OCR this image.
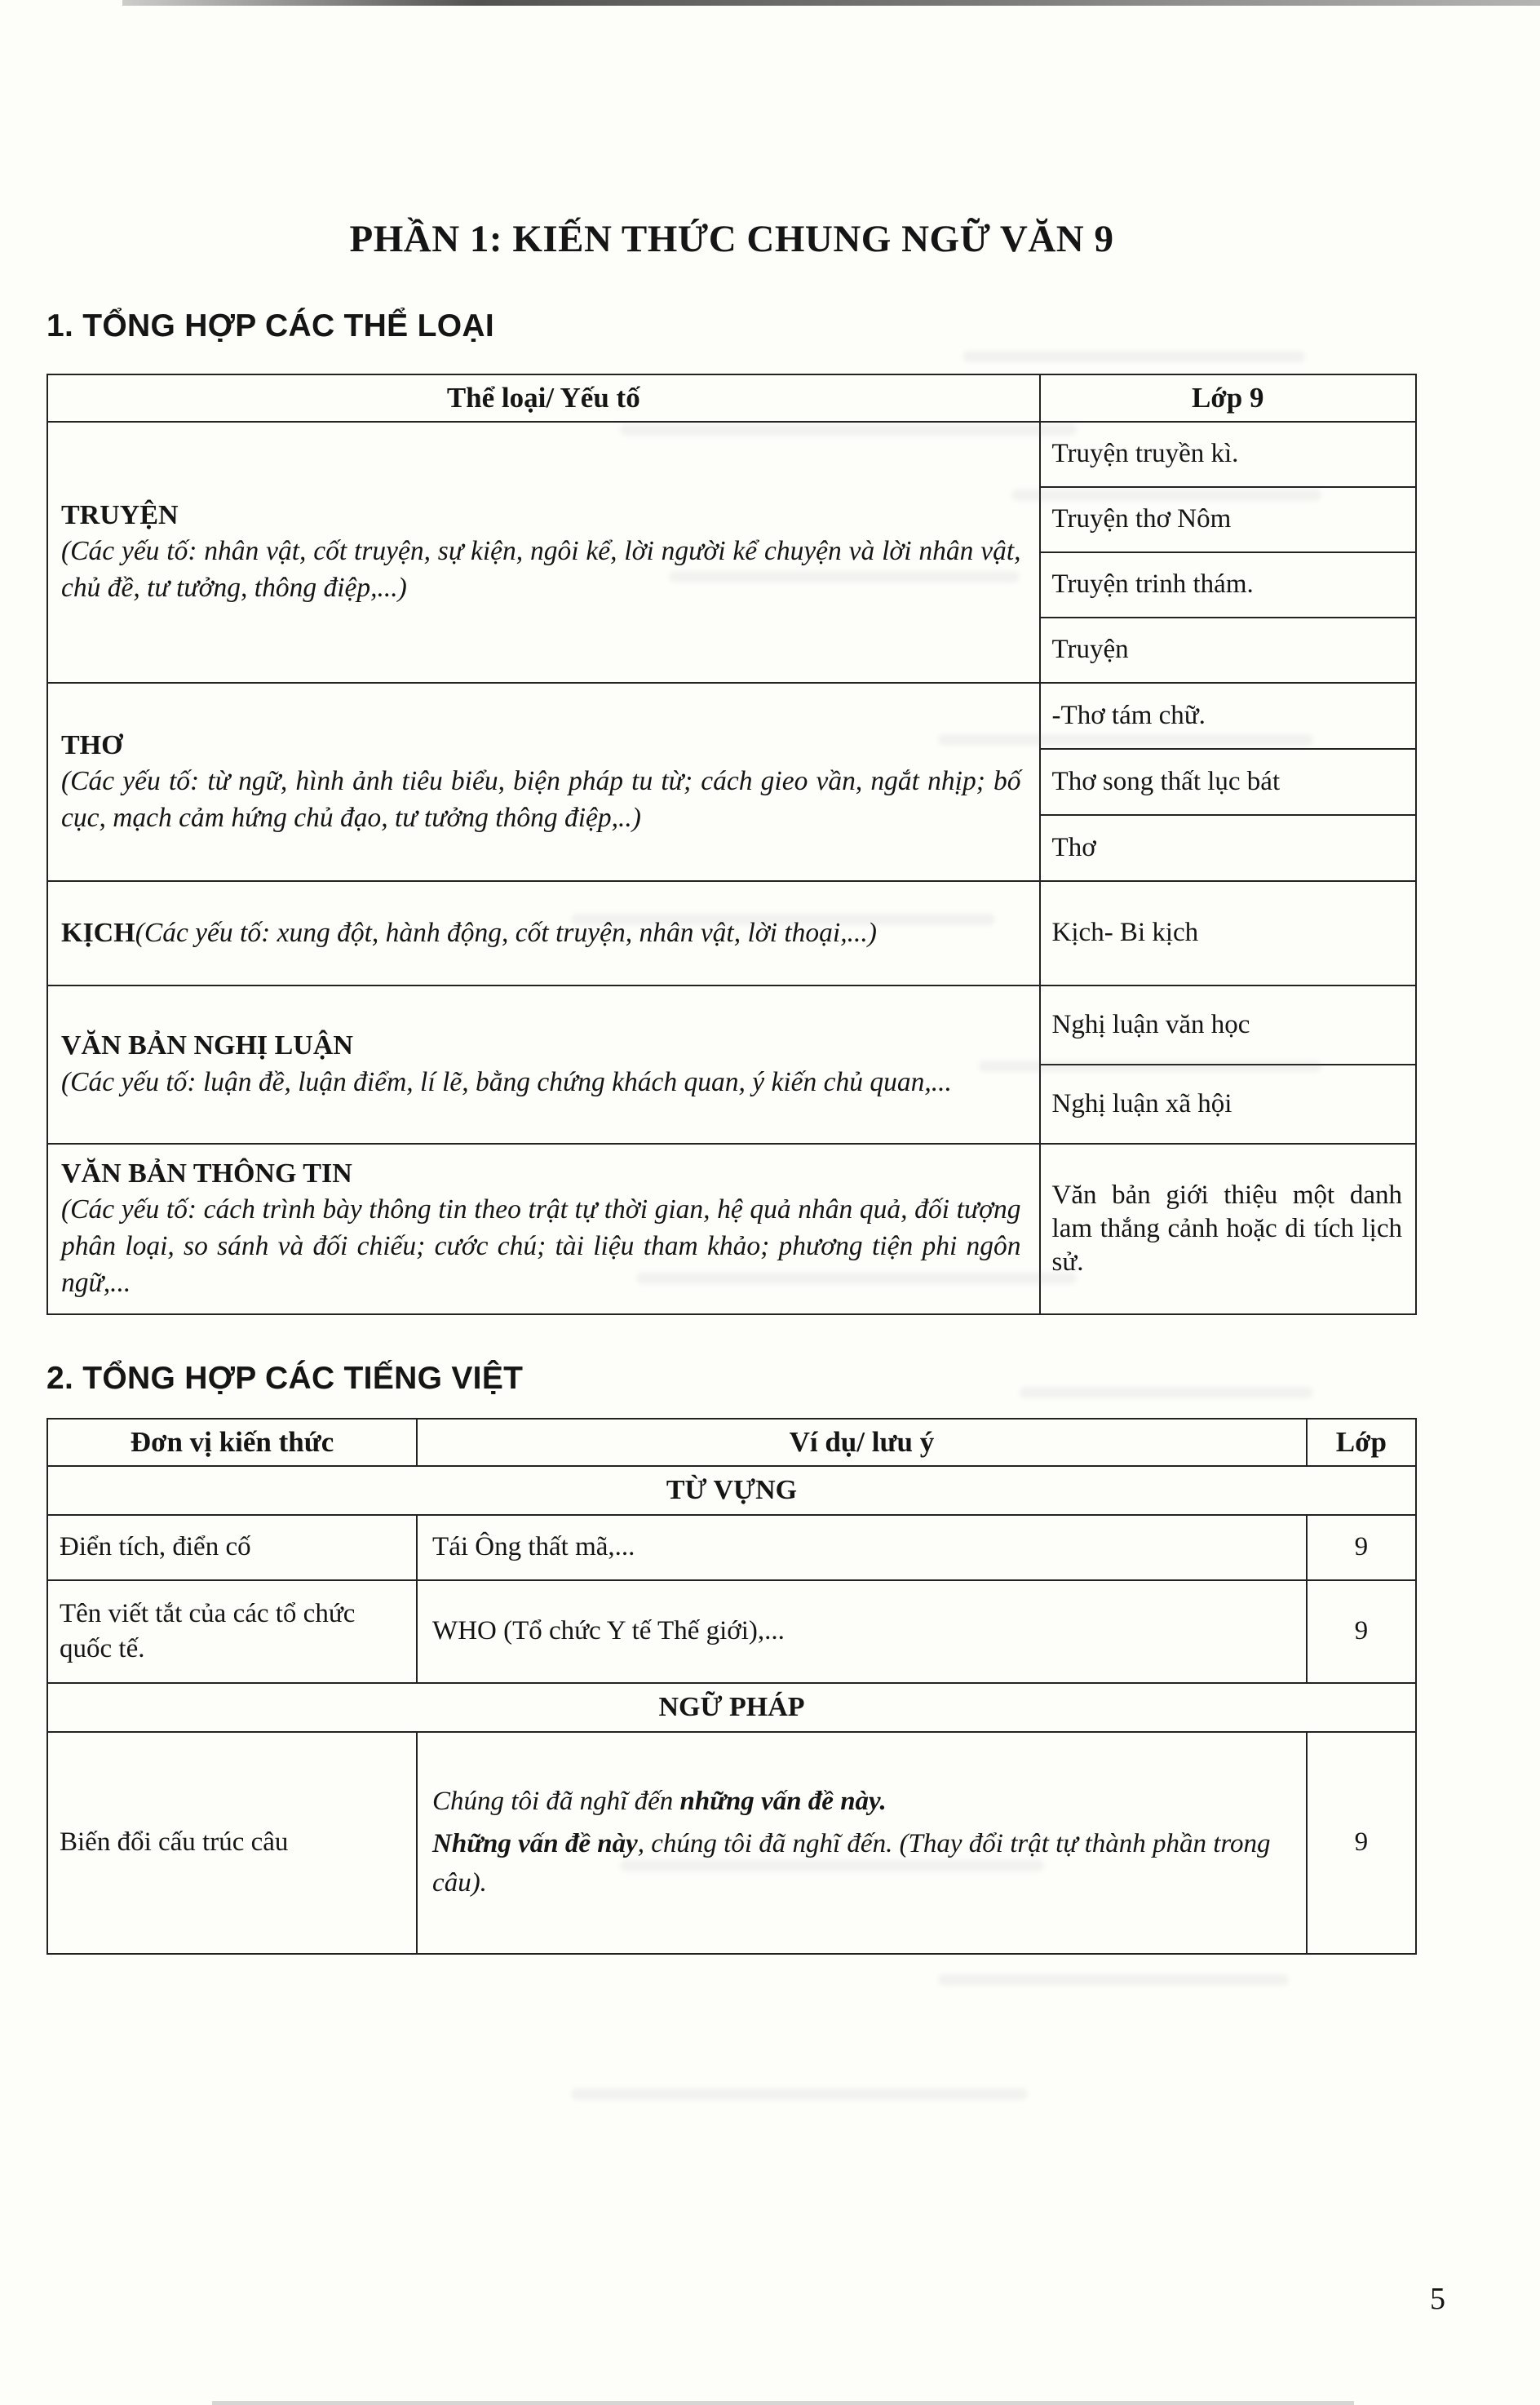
PHẦN 1: KIẾN THỨC CHUNG NGỮ VĂN 9
1. TỔNG HỢP CÁC THỂ LOẠI
Thể loại/ Yếu tố	Lớp 9

TRUYỆN
(Các yếu tố: nhân vật, cốt truyện, sự kiện, ngôi kể, lời người kể chuyện và lời nhân vật, chủ đề, tư tưởng, thông điệp,...)	Truyện truyền kì.
	Truyện thơ Nôm
	Truyện trinh thám.
	Truyện

THƠ
(Các yếu tố: từ ngữ, hình ảnh tiêu biểu, biện pháp tu từ; cách gieo vần, ngắt nhịp; bố cục, mạch cảm hứng chủ đạo, tư tưởng thông điệp,..)	-Thơ tám chữ.
	Thơ song thất lục bát
	Thơ
KỊCH(Các yếu tố: xung đột, hành động, cốt truyện, nhân vật, lời thoại,...)	Kịch- Bi kịch

VĂN BẢN NGHỊ LUẬN
(Các yếu tố: luận đề, luận điểm, lí lẽ, bằng chứng khách quan, ý kiến chủ quan,...	Nghị luận văn học
	Nghị luận xã hội

VĂN BẢN THÔNG TIN
(Các yếu tố: cách trình bày thông tin theo trật tự thời gian, hệ quả nhân quả, đối tượng phân loại, so sánh và đối chiếu; cước chú; tài liệu tham khảo; phương tiện phi ngôn ngữ,...	Văn bản giới thiệu một danh lam thắng cảnh hoặc di tích lịch sử.
2. TỔNG HỢP CÁC TIẾNG VIỆT
Đơn vị kiến thức	Ví dụ/ lưu ý	Lớp
TỪ VỰNG		
Điển tích, điển cố	Tái Ông thất mã,...	9
Tên viết tắt của các tổ chức quốc tế.	WHO (Tổ chức Y tế Thế giới),...	9
NGỮ PHÁP		
Biến đổi cấu trúc câu	Chúng tôi đã nghĩ đến những vấn đề này.
Những vấn đề này, chúng tôi đã nghĩ đến. (Thay đổi trật tự thành phần trong câu).	9
5
